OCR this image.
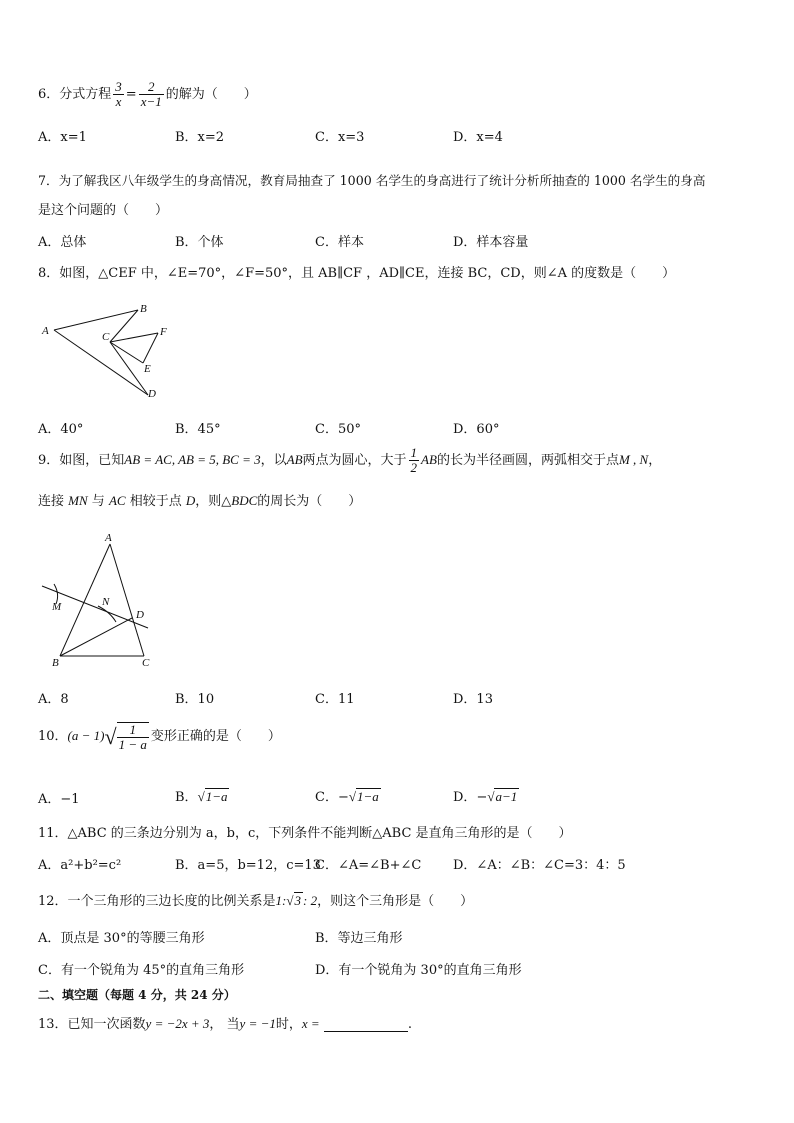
6．分式方程 $\frac{3}{x} = \frac{2}{x-1}$ 的解为（　　）
A．x=1	B．x=2	C．x=3	D．x=4
7．为了解我区八年级学生的身高情况，教育局抽查了 1000 名学生的身高进行了统计分析所抽查的 1000 名学生的身高
是这个问题的（　　）
A．总体	B．个体	C．样本	D．样本容量
8．如图，△CEF 中，∠E=70°，∠F=50°，且 AB∥CF ，AD∥CE，连接 BC，CD，则∠A 的度数是（　　）
A
B
C	F
E
D
A．40°	B．45°	C．50°	D．60°
9．如图，已知AB = AC, AB = 5, BC = 3，以AB两点为圆心，大于 $\frac{1}{2}$ AB的长为半径画圆，两弧相交于点M , N，
连接 MN 与 AC 相较于点 D，则△BDC的周长为（　　）
A
M	N
D
B	C
A．8	B．10	C．11	D．13
10．$(a - 1)√ \frac{1}{1 - a}$ 变形正确的是（　　）
A．−1	B．√1−a	C．−√1−a	D．−√a−1
11．△ABC 的三条边分别为 a，b，c，下列条件不能判断△ABC 是直角三角形的是（　　）
A．a²+b²=c²	B．a=5，b=12，c=13
C．∠A=∠B+∠C D．∠A：∠B：∠C=3：4：5
12．一个三角形的三边长度的比例关系是1:√3 : 2，则这个三角形是（　　）
A．顶点是 30°的等腰三角形	B．等边三角形
C．有一个锐角为 45°的直角三角形	D．有一个锐角为 30°的直角三角形
二、填空题（每题 4 分，共 24 分）
13．已知一次函数y = −2x + 3， 当y = −1时，x =	.
